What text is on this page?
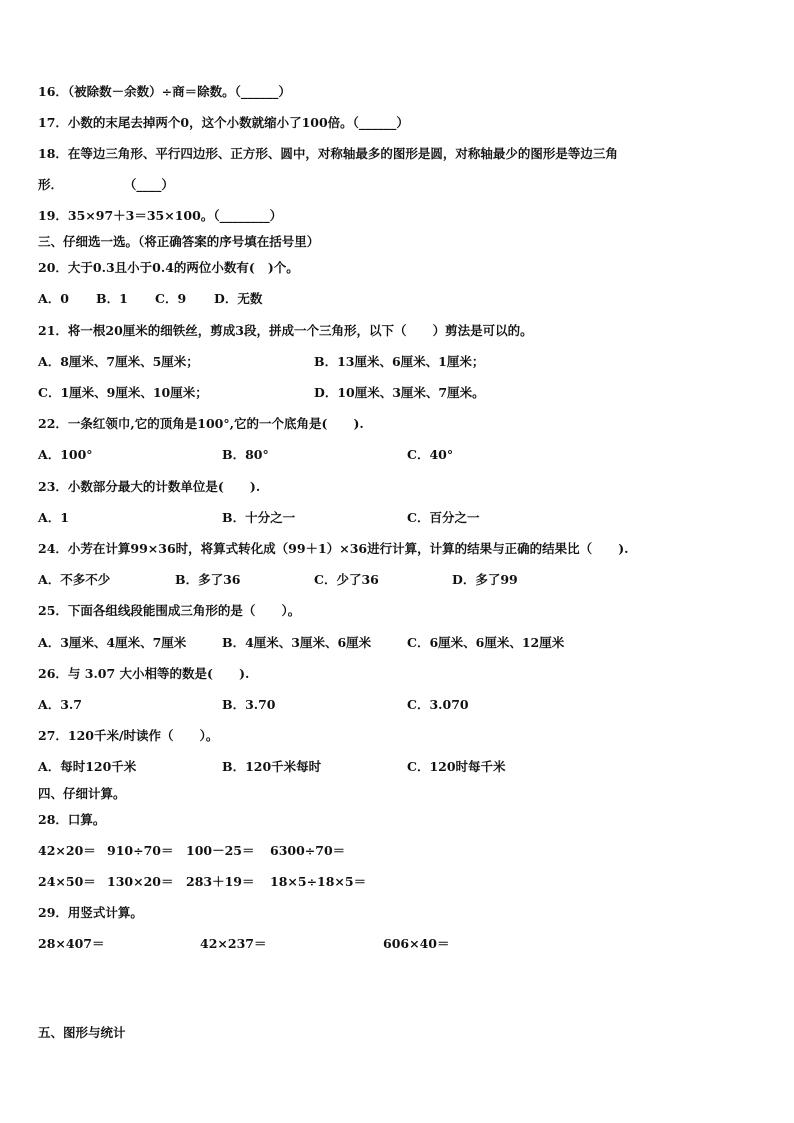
16．（被除数－余数）÷商＝除数。（______）
17．小数的末尾去掉两个0，这个小数就缩小了100倍。（______）
18．在等边三角形、平行四边形、正方形、圆中，对称轴最多的图形是圆，对称轴最少的图形是等边三角
形．              （____）
19．35×97＋3＝35×100。（________）
三、仔细选一选。（将正确答案的序号填在括号里）
20．大于0.3且小于0.4的两位小数有(   )个。
A．0 B．1 C．9 D．无数
21．将一根20厘米的细铁丝，剪成3段，拼成一个三角形，以下（      ）剪法是可以的。
A．8厘米、7厘米、5厘米；	B．13厘米、6厘米、1厘米；
C．1厘米、9厘米、10厘米；	D．10厘米、3厘米、7厘米。
22．一条红领巾,它的顶角是100°,它的一个底角是(      ).
A．100°	B．80°	C．40°
23．小数部分最大的计数单位是(      ).
A．1	B．十分之一	C．百分之一
24．小芳在计算99×36时，将算式转化成（99＋1）×36进行计算，计算的结果与正确的结果比（      ).
A．不多不少	B．多了36	C．少了36	D．多了99
25．下面各组线段能围成三角形的是（      ）。
A．3厘米、4厘米、7厘米	B．4厘米、3厘米、6厘米	C．6厘米、6厘米、12厘米
26．与 3.07 大小相等的数是(      ).
A．3.7	B．3.70	C．3.070
27．120千米/时读作（      ）。
A．每时120千米	B．120千米每时	C．120时每千米
四、仔细计算。
28．口算。
42×20＝ 910÷70＝ 100－25＝ 6300÷70＝
24×50＝ 130×20＝ 283＋19＝ 18×5÷18×5＝
29．用竖式计算。
28×407＝	42×237＝	606×40＝
五、图形与统计
